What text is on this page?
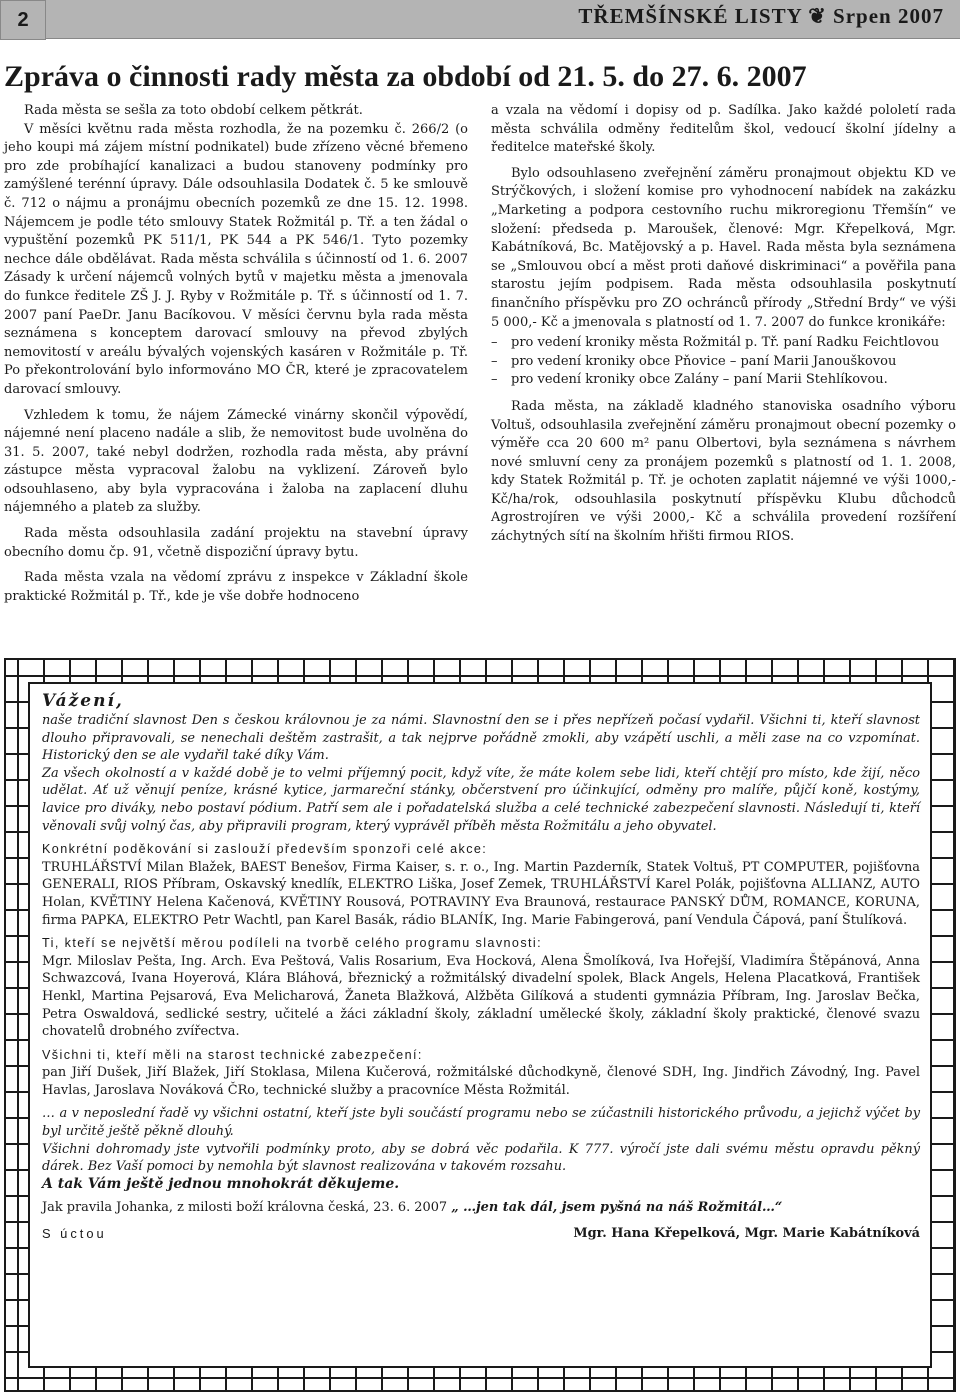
2	TŘEMŠÍNSKÉ LISTY ❦ Srpen 2007
Zpráva o činnosti rady města za období od 21. 5. do 27. 6. 2007

Rada města se sešla za toto období celkem pětkrát.

V měsíci květnu rada města rozhodla, že na pozemku č. 266/2 (o jeho koupi má zájem místní podnikatel) bude zřízeno věcné břemeno pro zde probíhající kanalizaci a budou stanoveny podmínky pro zamýšlené terénní úpravy. Dále odsouhlasila Dodatek č. 5 ke smlouvě č. 712 o nájmu a pronájmu obecních pozemků ze dne 15. 12. 1998. Nájemcem je podle této smlouvy Statek Rožmitál p. Tř. a ten žádal o vypuštění pozemků PK 511/1, PK 544 a PK 546/1. Tyto pozemky nechce dále obdělávat. Rada města schválila s účinností od 1. 6. 2007 Zásady k určení nájemců volných bytů v majetku města a jmenovala do funkce ředitele ZŠ J. J. Ryby v Rožmitále p. Tř. s účinností od 1. 7. 2007 paní PaeDr. Janu Bacíkovou. V měsíci červnu byla rada města seznámena s konceptem darovací smlouvy na převod zbylých nemovitostí v areálu bývalých vojenských kasáren v Rožmitále p. Tř. Po překontrolování bylo informováno MO ČR, které je zpracovatelem darovací smlouvy.

Vzhledem k tomu, že nájem Zámecké vinárny skončil výpovědí, nájemné není placeno nadále a slib, že nemovitost bude uvolněna do 31. 5. 2007, také nebyl dodržen, rozhodla rada města, aby právní zástupce města vypracoval žalobu na vyklizení. Zároveň bylo odsouhlaseno, aby byla vypracována i žaloba na zaplacení dluhu nájemného a plateb za služby.

Rada města odsouhlasila zadání projektu na stavební úpravy obecního domu čp. 91, včetně dispoziční úpravy bytu.

Rada města vzala na vědomí zprávu z inspekce v Základní škole praktické Rožmitál p. Tř., kde je vše dobře hodnoceno

a vzala na vědomí i dopisy od p. Sadílka. Jako každé pololetí rada města schválila odměny ředitelům škol, vedoucí školní jídelny a ředitelce mateřské školy.

Bylo odsouhlaseno zveřejnění záměru pronajmout objektu KD ve Strýčkových, i složení komise pro vyhodnocení nabídek na zakázku „Marketing a podpora cestovního ruchu mikroregionu Třemšín“ ve složení: předseda p. Maroušek, členové: Mgr. Křepelková, Mgr. Kabátníková, Bc. Matějovský a p. Havel. Rada města byla seznámena se „Smlouvou obcí a měst proti daňové diskriminaci“ a pověřila pana starostu jejím podpisem. Rada města odsouhlasila poskytnutí finančního příspěvku pro ZO ochránců přírody „Střední Brdy“ ve výši 5 000,- Kč a jmenovala s platností od 1. 7. 2007 do funkce kronikáře:

– pro vedení kroniky města Rožmitál p. Tř. paní Radku Feichtlovou
– pro vedení kroniky obce Pňovice – paní Marii Janouškovou
– pro vedení kroniky obce Zalány – paní Marii Stehlíkovou.

Rada města, na základě kladného stanoviska osadního výboru Voltuš, odsouhlasila zveřejnění záměru pronajmout obecní pozemky o výměře cca 20 600 m² panu Olbertovi, byla seznámena s návrhem nové smluvní ceny za pronájem pozemků s platností od 1. 1. 2008, kdy Statek Rožmitál p. Tř. je ochoten zaplatit nájemné ve výši 1000,- Kč/ha/rok, odsouhlasila poskytnutí příspěvku Klubu důchodců Agrostrojíren ve výši 2000,- Kč a schválila provedení rozšíření záchytných sítí na školním hřišti firmou RIOS.

Vážení,

naše tradiční slavnost Den s českou královnou je za námi. Slavnostní den se i přes nepřízeň počasí vydařil. Všichni ti, kteří slavnost dlouho připravovali, se nenechali deštěm zastrašit, a tak nejprve pořádně zmokli, aby vzápětí uschli, a měli zase na co vzpomínat. Historický den se ale vydařil také díky Vám.

Za všech okolností a v každé době je to velmi příjemný pocit, když víte, že máte kolem sebe lidi, kteří chtějí pro místo, kde žijí, něco udělat. Ať už věnují peníze, krásné kytice, jarmareční stánky, občerstvení pro účinkující, odměny pro malíře, půjčí koně, kostýmy, lavice pro diváky, nebo postaví pódium. Patří sem ale i pořadatelská služba a celé technické zabezpečení slavnosti. Následují ti, kteří věnovali svůj volný čas, aby připravili program, který vyprávěl příběh města Rožmitálu a jeho obyvatel.

Konkrétní poděkování si zaslouží především sponzoři celé akce:

TRUHLÁŘSTVÍ Milan Blažek, BAEST Benešov, Firma Kaiser, s. r. o., Ing. Martin Pazderník, Statek Voltuš, PT COMPUTER, pojišťovna GENERALI, RIOS Příbram, Oskavský knedlík, ELEKTRO Liška, Josef Zemek, TRUHLÁŘSTVÍ Karel Polák, pojišťovna ALLIANZ, AUTO Holan, KVĚTINY Helena Kačenová, KVĚTINY Rousová, POTRAVINY Eva Braunová, restaurace PANSKÝ DŮM, ROMANCE, KORUNA, firma PAPKA, ELEKTRO Petr Wachtl, pan Karel Basák, rádio BLANÍK, Ing. Marie Fabingerová, paní Vendula Čápová, paní Štulíková.

Ti, kteří se největší měrou podíleli na tvorbě celého programu slavnosti:

Mgr. Miloslav Pešta, Ing. Arch. Eva Peštová, Valis Rosarium, Eva Hocková, Alena Šmolíková, Iva Hořejší, Vladimíra Štěpánová, Anna Schwazcová, Ivana Hoyerová, Klára Bláhová, březnický a rožmitálský divadelní spolek, Black Angels, Helena Placatková, František Henkl, Martina Pejsarová, Eva Melicharová, Žaneta Blažková, Alžběta Gilíková a studenti gymnázia Příbram, Ing. Jaroslav Bečka, Petra Oswaldová, sedlické sestry, učitelé a žáci základní školy, základní umělecké školy, základní školy praktické, členové svazu chovatelů drobného zvířectva.

Všichni ti, kteří měli na starost technické zabezpečení:

pan Jiří Dušek, Jiří Blažek, Jiří Stoklasa, Milena Kučerová, rožmitálské důchodkyně, členové SDH, Ing. Jindřich Závodný, Ing. Pavel Havlas, Jaroslava Nováková ČRo, technické služby a pracovníce Města Rožmitál.

… a v neposlední řadě vy všichni ostatní, kteří jste byli součástí programu nebo se zúčastnili historického průvodu, a jejichž výčet by byl určitě ještě pěkně dlouhý.

Všichni dohromady jste vytvořili podmínky proto, aby se dobrá věc podařila. K 777. výročí jste dali svému městu opravdu pěkný dárek. Bez Vaší pomoci by nemohla být slavnost realizována v takovém rozsahu.

A tak Vám ještě jednou mnohokrát děkujeme.

Jak pravila Johanka, z milosti boží královna česká, 23. 6. 2007 „ …jen tak dál, jsem pyšná na náš Rožmitál…“

S úctou	Mgr. Hana Křepelková, Mgr. Marie Kabátníková
